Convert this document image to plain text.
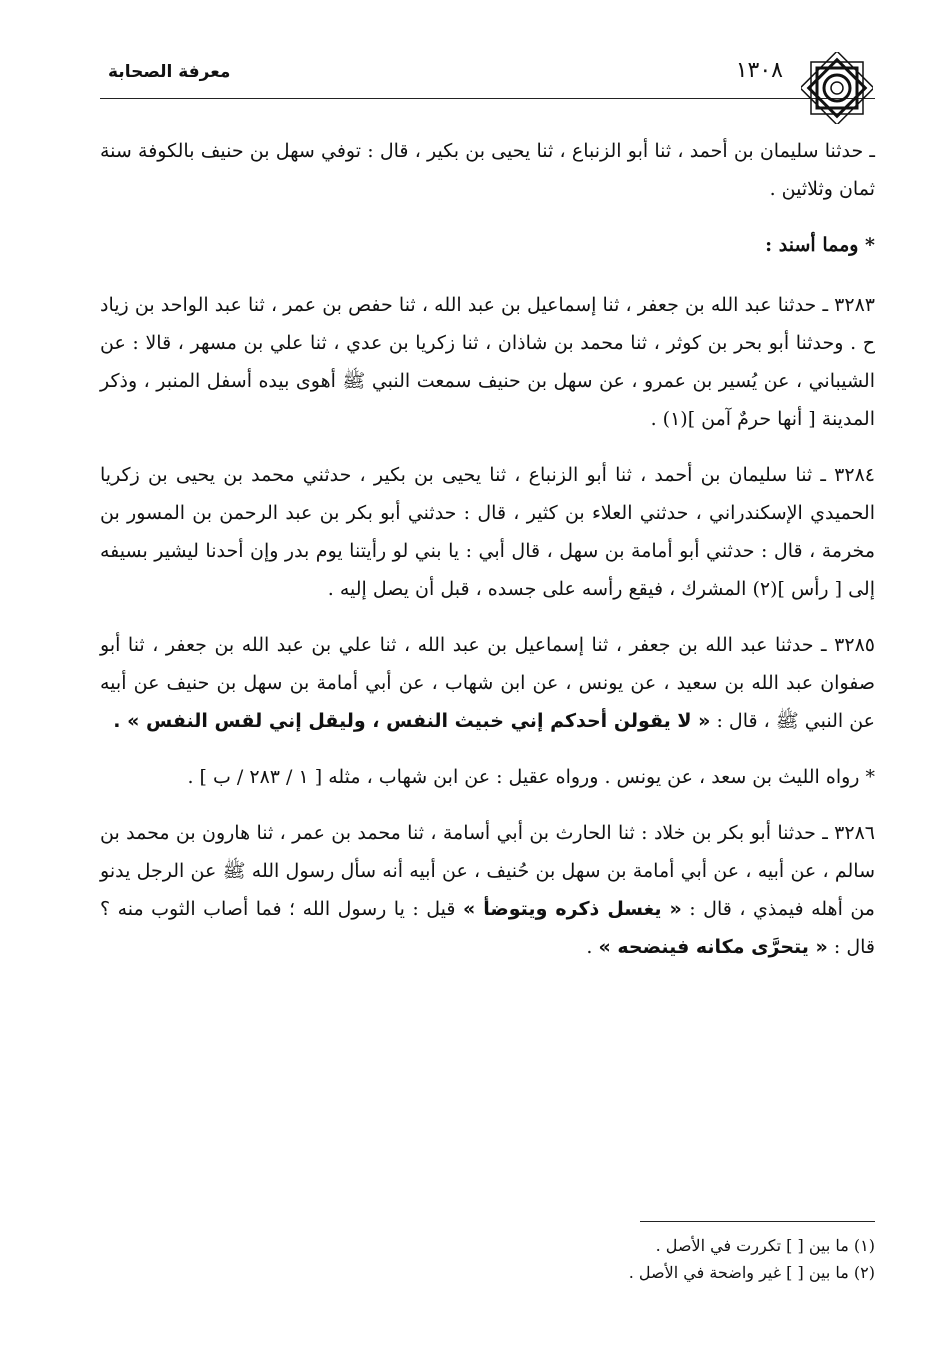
معرفة الصحابة	١٣٠٨

ـ حدثنا سليمان بن أحمد ، ثنا أبو الزنباع ، ثنا يحيى بن بكير ، قال : توفي سهل بن حنيف بالكوفة سنة ثمان وثلاثين .

* ومما أسند :

٣٢٨٣ ـ حدثنا عبد الله بن جعفر ، ثنا إسماعيل بن عبد الله ، ثنا حفص بن عمر ، ثنا عبد الواحد بن زياد ح . وحدثنا أبو بحر بن كوثر ، ثنا محمد بن شاذان ، ثنا زكريا بن عدي ، ثنا علي بن مسهر ، قالا : عن الشيباني ، عن يُسير بن عمرو ، عن سهل بن حنيف سمعت النبي ﷺ أهوى بيده أسفل المنبر ، وذكر المدينة [ أنها حرمٌ آمن ](١) .

٣٢٨٤ ـ ثنا سليمان بن أحمد ، ثنا أبو الزنباع ، ثنا يحيى بن بكير ، حدثني محمد بن يحيى بن زكريا الحميدي الإسكندراني ، حدثني العلاء بن كثير ، قال : حدثني أبو بكر بن عبد الرحمن بن المسور بن مخرمة ، قال : حدثني أبو أمامة بن سهل ، قال أبي : يا بني لو رأيتنا يوم بدر وإن أحدنا ليشير بسيفه إلى [ رأس ](٢) المشرك ، فيقع رأسه على جسده ، قبل أن يصل إليه .

٣٢٨٥ ـ حدثنا عبد الله بن جعفر ، ثنا إسماعيل بن عبد الله ، ثنا علي بن عبد الله بن جعفر ، ثنا أبو صفوان عبد الله بن سعيد ، عن يونس ، عن ابن شهاب ، عن أبي أمامة بن سهل بن حنيف عن أبيه عن النبي ﷺ ، قال : « لا يقولن أحدكم إني خبيث النفس ، وليقل إني لقس النفس » .

* رواه الليث بن سعد ، عن يونس . ورواه عقيل : عن ابن شهاب ، مثله [ ١ / ٢٨٣ / ب ] .

٣٢٨٦ ـ حدثنا أبو بكر بن خلاد : ثنا الحارث بن أبي أسامة ، ثنا محمد بن عمر ، ثنا هارون بن محمد بن سالم ، عن أبيه ، عن أبي أمامة بن سهل بن حُنيف ، عن أبيه أنه سأل رسول الله ﷺ عن الرجل يدنو من أهله فيمذي ، قال : « يغسل ذكره ويتوضأ » قيل : يا رسول الله ؛ فما أصاب الثوب منه ؟ قال : « يتحرَّى مكانه فينضحه » .

(١) ما بين [ ] تكررت في الأصل .
(٢) ما بين [ ] غير واضحة في الأصل .
